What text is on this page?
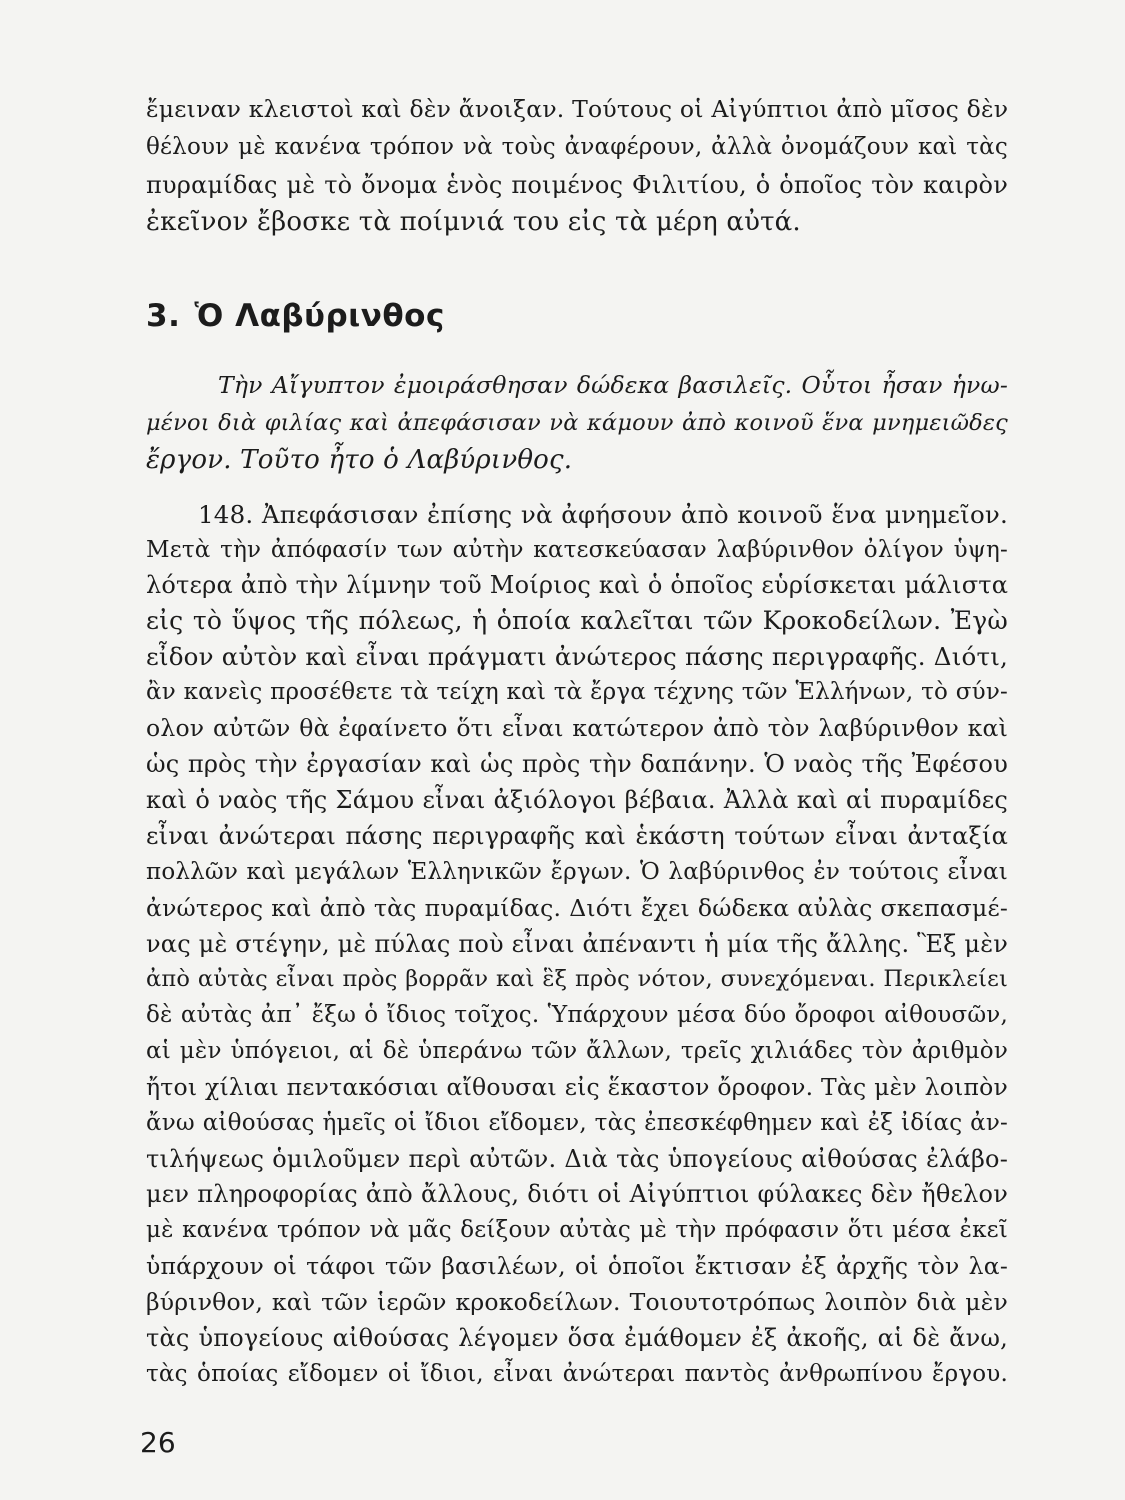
ἔμειναν κλειστοὶ καὶ δὲν ἄνοιξαν. Τούτους οἱ Αἰγύπτιοι ἀπὸ μῖσος δὲν
θέλουν μὲ κανένα τρόπον νὰ τοὺς ἀναφέρουν, ἀλλὰ ὀνομάζουν καὶ τὰς
πυραμίδας μὲ τὸ ὄνομα ἑνὸς ποιμένος Φιλιτίου, ὁ ὁποῖος τὸν καιρὸν
ἐκεῖνον ἔβοσκε τὰ ποίμνιά του εἰς τὰ μέρη αὐτά.
3. Ὁ Λαβύρινθος
Τὴν Αἴγυπτον ἐμοιράσθησαν δώδεκα βασιλεῖς. Οὗτοι ἦσαν ἡνω-
μένοι διὰ φιλίας καὶ ἀπεφάσισαν νὰ κάμουν ἀπὸ κοινοῦ ἕνα μνημειῶδες
ἔργον. Τοῦτο ἦτο ὁ Λαβύρινθος.
148. Ἀπεφάσισαν ἐπίσης νὰ ἀφήσουν ἀπὸ κοινοῦ ἕνα μνημεῖον.
Μετὰ τὴν ἀπόφασίν των αὐτὴν κατεσκεύασαν λαβύρινθον ὀλίγον ὑψη-
λότερα ἀπὸ τὴν λίμνην τοῦ Μοίριος καὶ ὁ ὁποῖος εὑρίσκεται μάλιστα
εἰς τὸ ὕψος τῆς πόλεως, ἡ ὁποία καλεῖται τῶν Κροκοδείλων. Ἐγὼ
εἶδον αὐτὸν καὶ εἶναι πράγματι ἀνώτερος πάσης περιγραφῆς. Διότι,
ἂν κανεὶς προσέθετε τὰ τείχη καὶ τὰ ἔργα τέχνης τῶν Ἑλλήνων, τὸ σύν-
ολον αὐτῶν θὰ ἐφαίνετο ὅτι εἶναι κατώτερον ἀπὸ τὸν λαβύρινθον καὶ
ὡς πρὸς τὴν ἐργασίαν καὶ ὡς πρὸς τὴν δαπάνην. Ὁ ναὸς τῆς Ἐφέσου
καὶ ὁ ναὸς τῆς Σάμου εἶναι ἀξιόλογοι βέβαια. Ἀλλὰ καὶ αἱ πυραμίδες
εἶναι ἀνώτεραι πάσης περιγραφῆς καὶ ἑκάστη τούτων εἶναι ἀνταξία
πολλῶν καὶ μεγάλων Ἑλληνικῶν ἔργων. Ὁ λαβύρινθος ἐν τούτοις εἶναι
ἀνώτερος καὶ ἀπὸ τὰς πυραμίδας. Διότι ἔχει δώδεκα αὐλὰς σκεπασμέ-
νας μὲ στέγην, μὲ πύλας ποὺ εἶναι ἀπέναντι ἡ μία τῆς ἄλλης. Ἓξ μὲν
ἀπὸ αὐτὰς εἶναι πρὸς βορρᾶν καὶ ἓξ πρὸς νότον, συνεχόμεναι. Περικλείει
δὲ αὐτὰς ἀπ᾽ ἔξω ὁ ἴδιος τοῖχος. Ὑπάρχουν μέσα δύο ὄροφοι αἰθουσῶν,
αἱ μὲν ὑπόγειοι, αἱ δὲ ὑπεράνω τῶν ἄλλων, τρεῖς χιλιάδες τὸν ἀριθμὸν
ἤτοι χίλιαι πεντακόσιαι αἴθουσαι εἰς ἕκαστον ὄροφον. Τὰς μὲν λοιπὸν
ἄνω αἰθούσας ἡμεῖς οἱ ἴδιοι εἴδομεν, τὰς ἐπεσκέφθημεν καὶ ἐξ ἰδίας ἀν-
τιλήψεως ὁμιλοῦμεν περὶ αὐτῶν. Διὰ τὰς ὑπογείους αἰθούσας ἐλάβο-
μεν πληροφορίας ἀπὸ ἄλλους, διότι οἱ Αἰγύπτιοι φύλακες δὲν ἤθελον
μὲ κανένα τρόπον νὰ μᾶς δείξουν αὐτὰς μὲ τὴν πρόφασιν ὅτι μέσα ἐκεῖ
ὑπάρχουν οἱ τάφοι τῶν βασιλέων, οἱ ὁποῖοι ἔκτισαν ἐξ ἀρχῆς τὸν λα-
βύρινθον, καὶ τῶν ἱερῶν κροκοδείλων. Τοιουτοτρόπως λοιπὸν διὰ μὲν
τὰς ὑπογείους αἰθούσας λέγομεν ὅσα ἐμάθομεν ἐξ ἀκοῆς, αἱ δὲ ἄνω,
τὰς ὁποίας εἴδομεν οἱ ἴδιοι, εἶναι ἀνώτεραι παντὸς ἀνθρωπίνου ἔργου.
26
